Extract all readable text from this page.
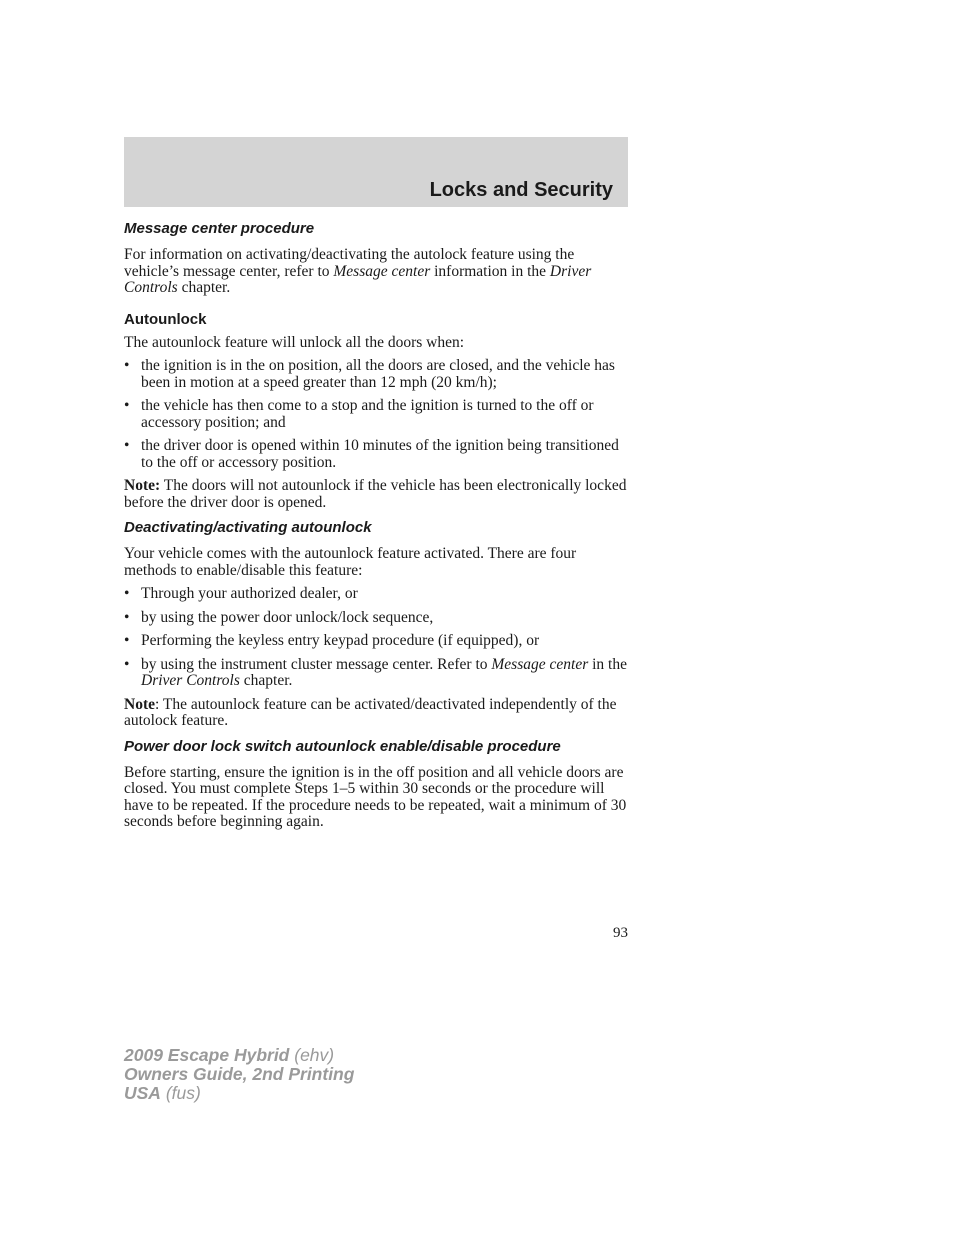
Locks and Security
Message center procedure

For information on activating/deactivating the autolock feature using the vehicle’s message center, refer to Message center information in the Driver Controls chapter.

Autounlock

The autounlock feature will unlock all the doors when:

• the ignition is in the on position, all the doors are closed, and the vehicle has been in motion at a speed greater than 12 mph (20 km/h);
• the vehicle has then come to a stop and the ignition is turned to the off or accessory position; and
• the driver door is opened within 10 minutes of the ignition being transitioned to the off or accessory position.

Note: The doors will not autounlock if the vehicle has been electronically locked before the driver door is opened.

Deactivating/activating autounlock

Your vehicle comes with the autounlock feature activated. There are four methods to enable/disable this feature:

• Through your authorized dealer, or
• by using the power door unlock/lock sequence,
• Performing the keyless entry keypad procedure (if equipped), or
• by using the instrument cluster message center. Refer to Message center in the Driver Controls chapter.

Note: The autounlock feature can be activated/deactivated independently of the autolock feature.

Power door lock switch autounlock enable/disable procedure

Before starting, ensure the ignition is in the off position and all vehicle doors are closed. You must complete Steps 1–5 within 30 seconds or the procedure will have to be repeated. If the procedure needs to be repeated, wait a minimum of 30 seconds before beginning again.

93
2009 Escape Hybrid (ehv)
Owners Guide, 2nd Printing
USA (fus)
